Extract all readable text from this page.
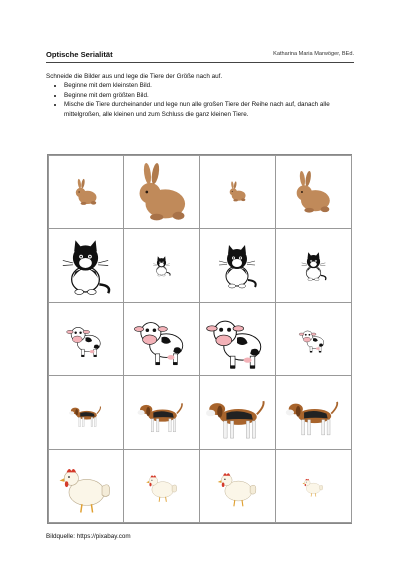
Optische Serialität	Katharina Maria Marwöger, BEd.
Schneide die Bilder aus und lege die Tiere der Größe nach auf.
• Beginne mit dem kleinsten Bild.
• Beginne mit dem größten Bild.
• Mische die Tiere durcheinander und lege nun alle großen Tiere der Reihe nach auf, danach alle mittelgroßen, alle kleinen und zum Schluss die ganz kleinen Tiere.
Bildquelle: https://pixabay.com
